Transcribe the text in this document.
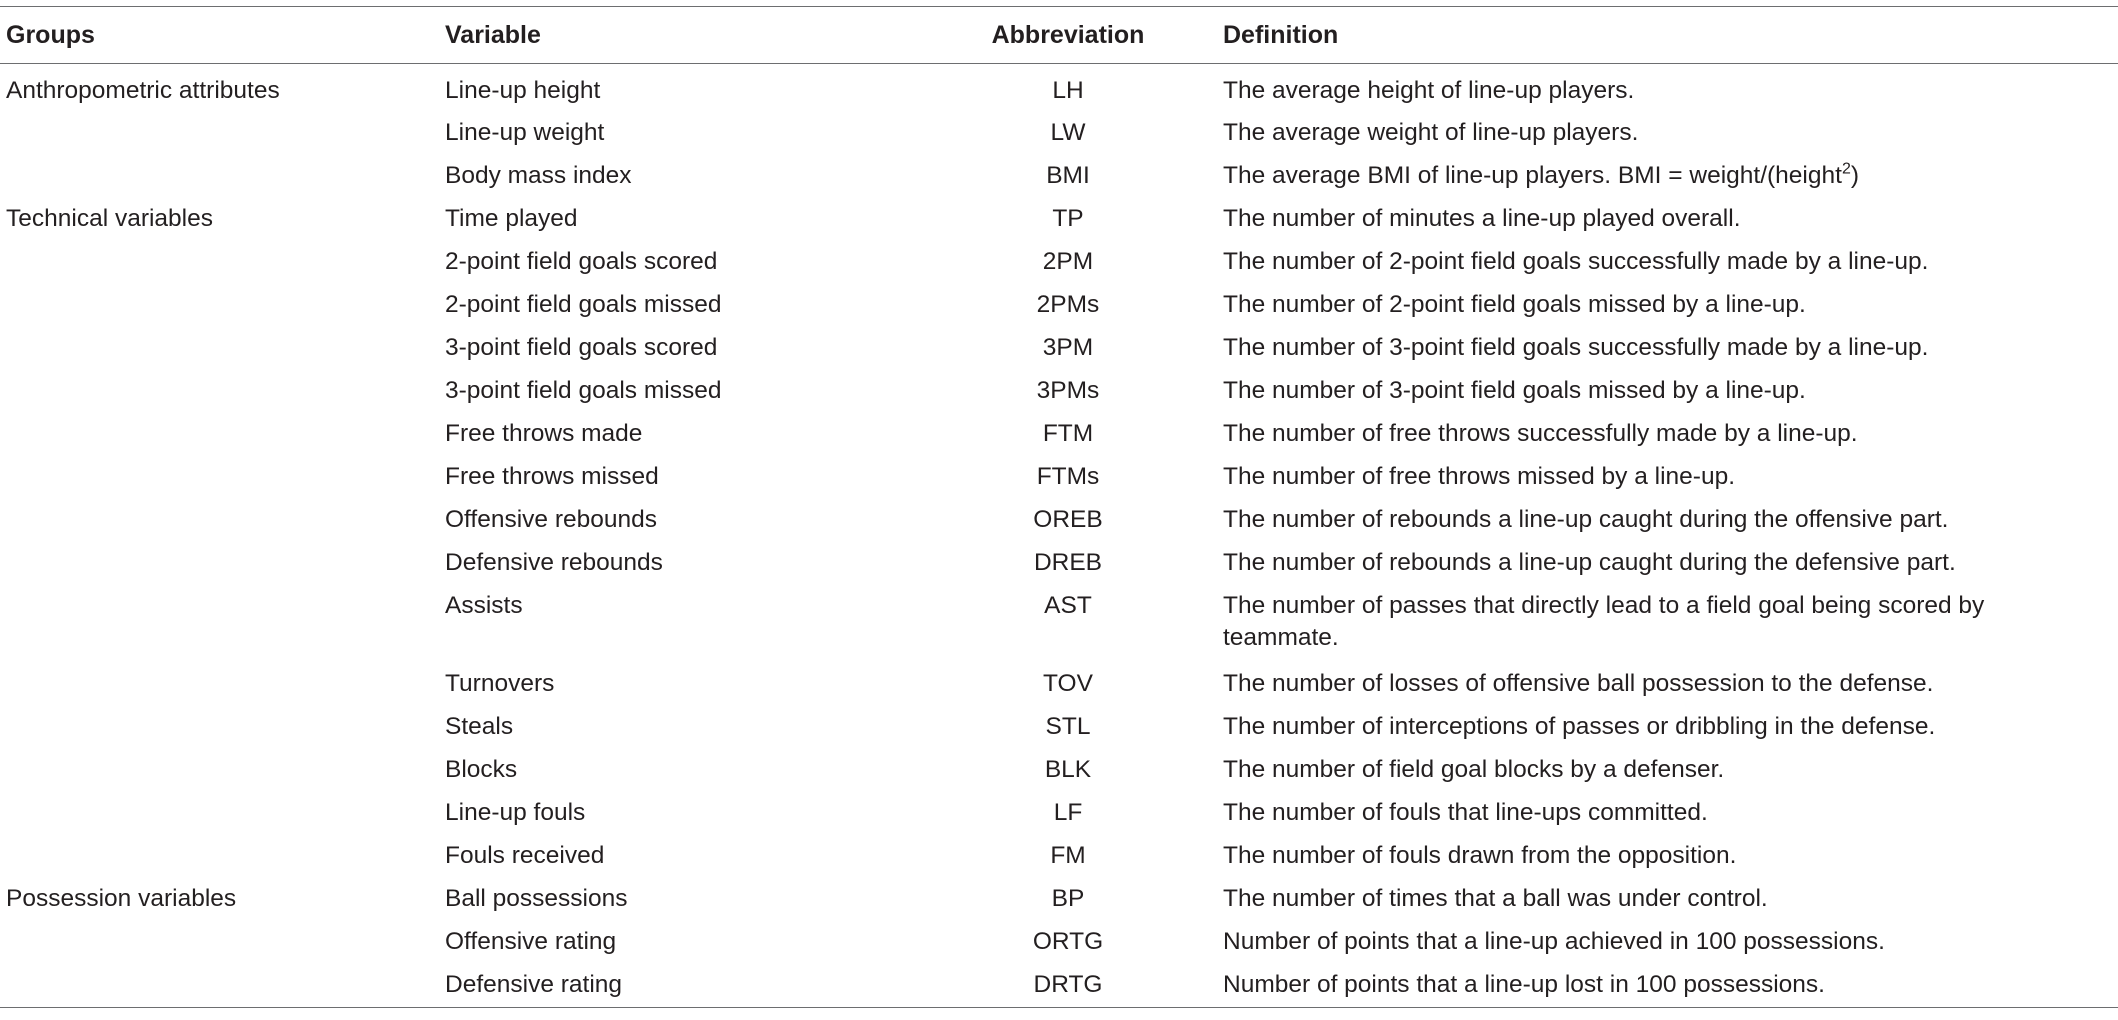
Groups	Variable	Abbreviation	Definition
Anthropometric attributes	Line-up height	LH	The average height of line-up players.
	Line-up weight	LW	The average weight of line-up players.
	Body mass index	BMI	The average BMI of line-up players. BMI = weight/(height$^2$)
Technical variables	Time played	TP	The number of minutes a line-up played overall.
	2-point field goals scored	2PM	The number of 2-point field goals successfully made by a line-up.
	2-point field goals missed	2PMs	The number of 2-point field goals missed by a line-up.
	3-point field goals scored	3PM	The number of 3-point field goals successfully made by a line-up.
	3-point field goals missed	3PMs	The number of 3-point field goals missed by a line-up.
	Free throws made	FTM	The number of free throws successfully made by a line-up.
	Free throws missed	FTMs	The number of free throws missed by a line-up.
	Offensive rebounds	OREB	The number of rebounds a line-up caught during the offensive part.
	Defensive rebounds	DREB	The number of rebounds a line-up caught during the defensive part.
	Assists	AST	The number of passes that directly lead to a field goal being scored by teammate.
	Turnovers	TOV	The number of losses of offensive ball possession to the defense.
	Steals	STL	The number of interceptions of passes or dribbling in the defense.
	Blocks	BLK	The number of field goal blocks by a defenser.
	Line-up fouls	LF	The number of fouls that line-ups committed.
	Fouls received	FM	The number of fouls drawn from the opposition.
Possession variables	Ball possessions	BP	The number of times that a ball was under control.
	Offensive rating	ORTG	Number of points that a line-up achieved in 100 possessions.
	Defensive rating	DRTG	Number of points that a line-up lost in 100 possessions.
